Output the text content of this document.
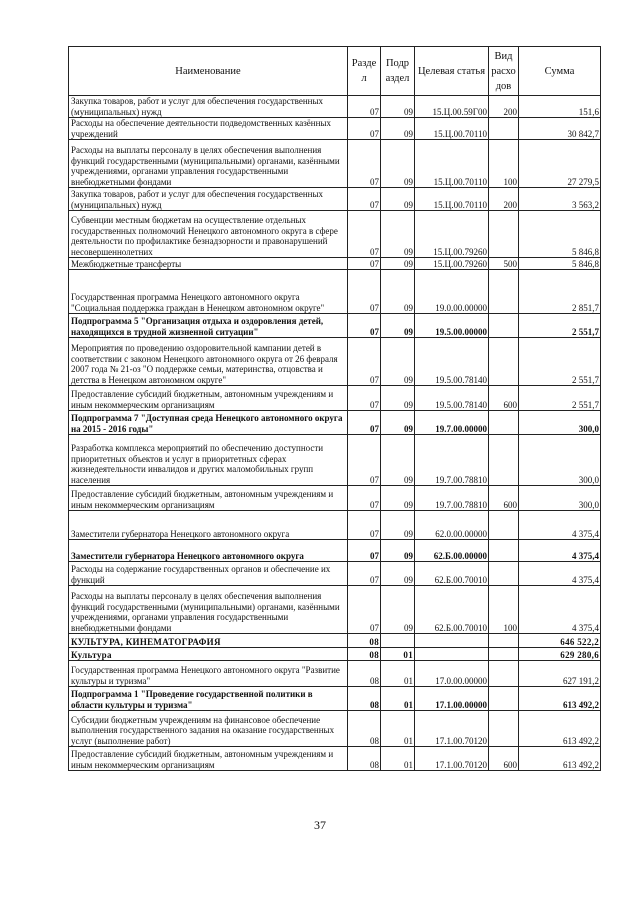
Наименование	Разде л	Подр аздел	Целевая статья	Вид расхо дов	Сумма
Закупка товаров, работ и услуг для обеспечения государственных (муниципальных) нужд	07	09	15.Ц.00.59Г00	200	151,6
Расходы на обеспечение деятельности подведомственных казённых учреждений	07	09	15.Ц.00.70110		30 842,7
Расходы на выплаты персоналу в целях обеспечения выполнения функций государственными (муниципальными) органами, казёнными учреждениями, органами управления государственными внебюджетными фондами	07	09	15.Ц.00.70110	100	27 279,5
Закупка товаров, работ и услуг для обеспечения государственных (муниципальных) нужд	07	09	15.Ц.00.70110	200	3 563,2
Субвенции местным бюджетам на осуществление отдельных государственных полномочий Ненецкого автономного округа в сфере деятельности по профилактике безнадзорности и правонарушений несовершеннолетних	07	09	15.Ц.00.79260		5 846,8
Межбюджетные трансферты	07	09	15.Ц.00.79260	500	5 846,8
Государственная программа Ненецкого автономного округа "Социальная поддержка граждан в Ненецком автономном округе"	07	09	19.0.00.00000		2 851,7
Подпрограмма 5 "Организация отдыха и оздоровления детей, находящихся в трудной жизненной ситуации"	07	09	19.5.00.00000		2 551,7
Мероприятия по проведению оздоровительной кампании детей в соответствии с законом Ненецкого автономного округа от 26 февраля 2007 года № 21-оз "О поддержке семьи, материнства, отцовства и детства в Ненецком автономном округе"	07	09	19.5.00.78140		2 551,7
Предоставление субсидий бюджетным, автономным учреждениям и иным некоммерческим организациям	07	09	19.5.00.78140	600	2 551,7
Подпрограмма 7 "Доступная среда Ненецкого автономного округа на 2015 - 2016 годы"	07	09	19.7.00.00000		300,0
Разработка комплекса мероприятий по обеспечению доступности приоритетных объектов и услуг в приоритетных сферах жизнедеятельности инвалидов и других маломобильных групп населения	07	09	19.7.00.78810		300,0
Предоставление субсидий бюджетным, автономным учреждениям и иным некоммерческим организациям	07	09	19.7.00.78810	600	300,0
Заместители губернатора Ненецкого автономного округа	07	09	62.0.00.00000		4 375,4
Заместители губернатора Ненецкого автономного округа	07	09	62.Б.00.00000		4 375,4
Расходы на содержание государственных органов и обеспечение их функций	07	09	62.Б.00.70010		4 375,4
Расходы на выплаты персоналу в целях обеспечения выполнения функций государственными (муниципальными) органами, казёнными учреждениями, органами управления государственными внебюджетными фондами	07	09	62.Б.00.70010	100	4 375,4
КУЛЬТУРА, КИНЕМАТОГРАФИЯ	08				646 522,2
Культура	08	01			629 280,6
Государственная программа Ненецкого автономного округа "Развитие культуры и туризма"	08	01	17.0.00.00000		627 191,2
Подпрограмма 1 "Проведение государственной политики в области культуры и туризма"	08	01	17.1.00.00000		613 492,2
Субсидии бюджетным учреждениям на финансовое обеспечение выполнения государственного задания на оказание государственных услуг (выполнение работ)	08	01	17.1.00.70120		613 492,2
Предоставление субсидий бюджетным, автономным учреждениям и иным некоммерческим организациям	08	01	17.1.00.70120	600	613 492,2
37
